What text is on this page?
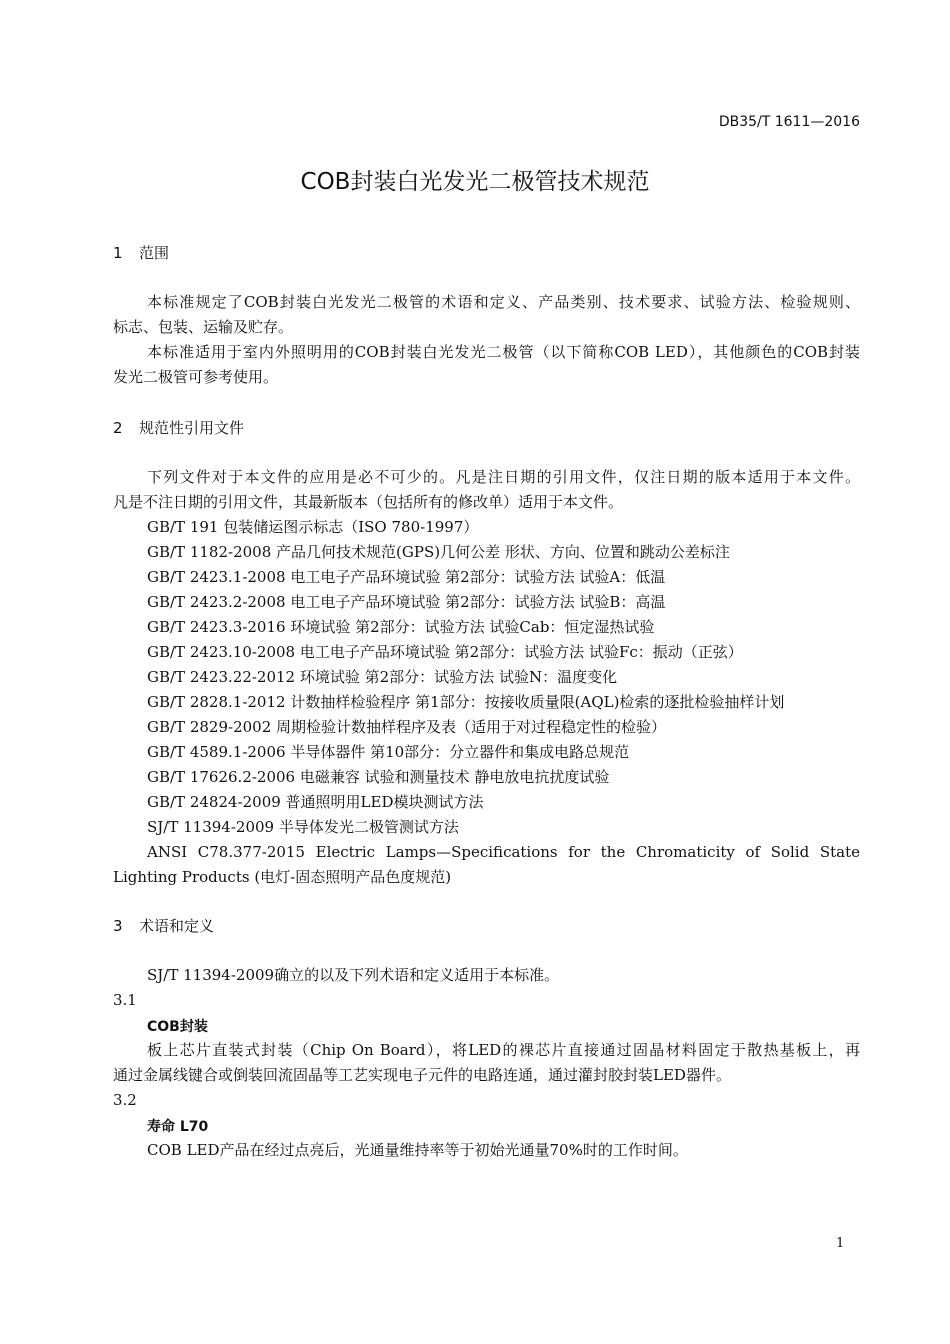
DB35/T 1611—2016
COB封装白光发光二极管技术规范
1 范围
本标准规定了COB封装白光发光二极管的术语和定义、产品类别、技术要求、试验方法、检验规则、
标志、包装、运输及贮存。
本标准适用于室内外照明用的COB封装白光发光二极管（以下简称COB LED），其他颜色的COB封装
发光二极管可参考使用。
2 规范性引用文件
下列文件对于本文件的应用是必不可少的。凡是注日期的引用文件，仅注日期的版本适用于本文件。
凡是不注日期的引用文件，其最新版本（包括所有的修改单）适用于本文件。
GB/T 191 包装储运图示标志（ISO 780-1997）
GB/T 1182-2008 产品几何技术规范(GPS)几何公差 形状、方向、位置和跳动公差标注
GB/T 2423.1-2008 电工电子产品环境试验 第2部分：试验方法 试验A：低温
GB/T 2423.2-2008 电工电子产品环境试验 第2部分：试验方法 试验B：高温
GB/T 2423.3-2016 环境试验 第2部分：试验方法 试验Cab：恒定湿热试验
GB/T 2423.10-2008 电工电子产品环境试验 第2部分：试验方法 试验Fc：振动（正弦）
GB/T 2423.22-2012 环境试验 第2部分：试验方法 试验N：温度变化
GB/T 2828.1-2012 计数抽样检验程序 第1部分：按接收质量限(AQL)检索的逐批检验抽样计划
GB/T 2829-2002 周期检验计数抽样程序及表（适用于对过程稳定性的检验）
GB/T 4589.1-2006 半导体器件 第10部分：分立器件和集成电路总规范
GB/T 17626.2-2006 电磁兼容 试验和测量技术 静电放电抗扰度试验
GB/T 24824-2009 普通照明用LED模块测试方法
SJ/T 11394-2009 半导体发光二极管测试方法
ANSI C78.377-2015 Electric Lamps—Specifications for the Chromaticity of Solid State
Lighting Products (电灯-固态照明产品色度规范)
3 术语和定义
SJ/T 11394-2009确立的以及下列术语和定义适用于本标准。
3.1
COB封装
板上芯片直装式封装（Chip On Board），将LED的裸芯片直接通过固晶材料固定于散热基板上，再
通过金属线键合或倒装回流固晶等工艺实现电子元件的电路连通，通过灌封胶封装LED器件。
3.2
寿命 L70
COB LED产品在经过点亮后，光通量维持率等于初始光通量70%时的工作时间。
1
